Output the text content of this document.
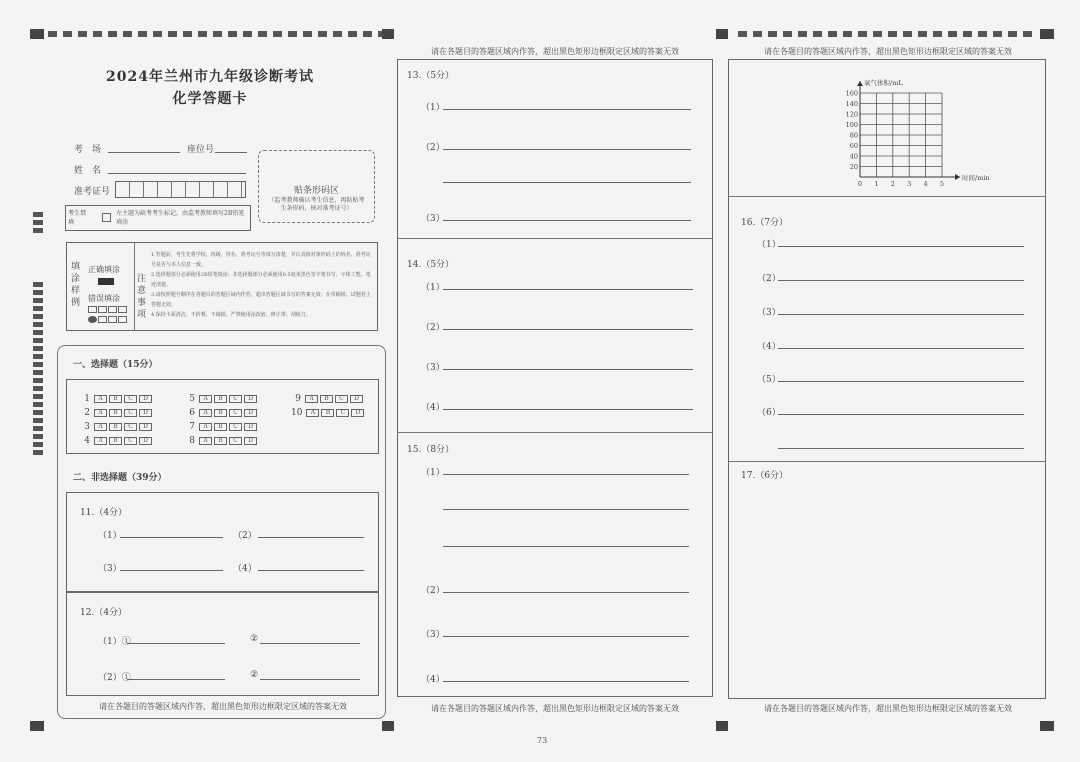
2024年兰州市九年级诊断考试
化学答题卡
考　场	座位号
姓　名
准考证号	贴条形码区
（监考教师确认考生信息，再粘贴考生条形码，核对准考证号）
考生禁填
左主题为缺考考生标记，由监考教师填写2B铅笔填涂
填涂样例
正确填涂
错误填涂

注意事项
1.答题前，考生先将学校、班级、姓名、准考证号等填写清楚，并认真核对条形码上的姓名、准考证号是否与本人信息一致。
2.选择题部分必须使用2B铅笔填涂；非选择题部分必须使用0.5毫米黑色签字笔书写，字体工整、笔迹清楚。
3.请按照题号顺序在各题目的答题区域内作答，超出答题区域书写的答案无效；在草稿纸、试题卷上答题无效。
4.保持卡面清洁，不折叠、不破损，严禁使用涂改液、修正带、刮纸刀。
一、选择题（15分）
1	A	B	C	D
2	A	B	C	D
3	A	B	C	D
4	A	B	C	D
5	A	B	C	D
6	A	B	C	D
7	A	B	C	D
8	A	B	C	D
9	A	B	C	D
10	A	B	C	D
二、非选择题（39分）
11.（4分）
（1）	（2）
（3）	（4）
12.（4分）
（1）①	②
（2）①	②
请在各题目的答题区域内作答，超出黑色矩形边框限定区域的答案无效
请在各题目的答题区域内作答，超出黑色矩形边框限定区域的答案无效
13.（5分）
（1）
（2）
（3）
14.（5分）
（1）
（2）
（3）
（4）
15.（8分）
（1）
（2）
（3）
（4）
请在各题目的答题区域内作答，超出黑色矩形边框限定区域的答案无效
请在各题目的答题区域内作答，超出黑色矩形边框限定区域的答案无效
0 1 2 3 4 5
20
40
60
80
100
120
140
160
氧气体积/mL
时间/min
16.（7分）
（1）
（2）
（3）
（4）
（5）
（6）
17.（6分）
请在各题目的答题区域内作答，超出黑色矩形边框限定区域的答案无效
73
